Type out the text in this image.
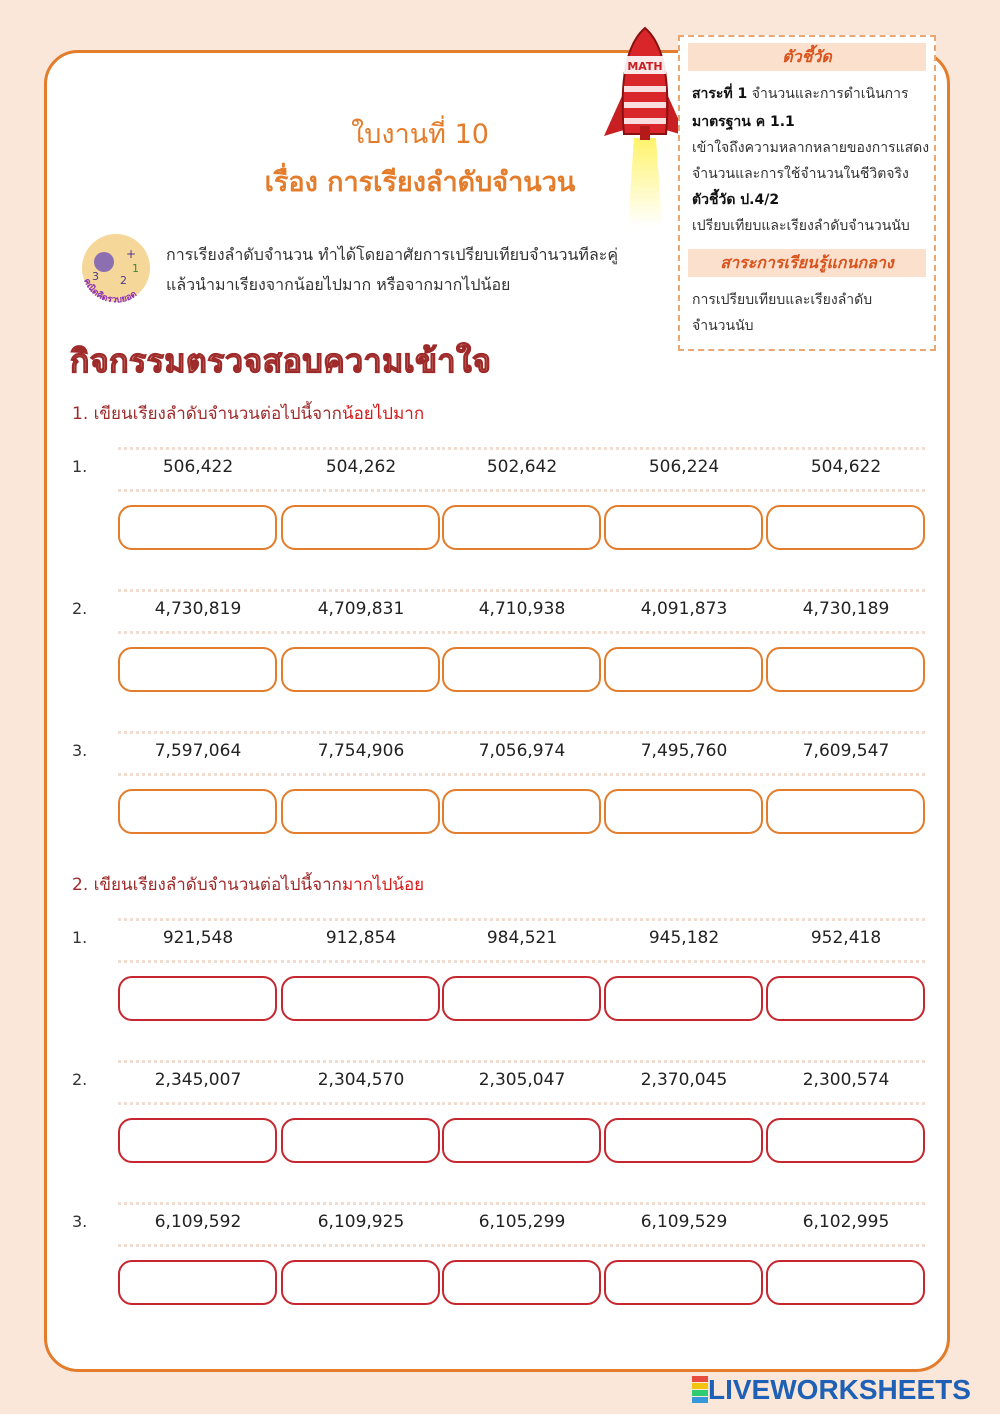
MATH
ตัวชี้วัด
สาระที่ 1 จำนวนและการดำเนินการ
มาตรฐาน ค 1.1
เข้าใจถึงความหลากหลายของการแสดง
จำนวนและการใช้จำนวนในชีวิตจริง
ตัวชี้วัด ป.4/2
เปรียบเทียบและเรียงลำดับจำนวนนับ
สาระการเรียนรู้แกนกลาง
การเปรียบเทียบและเรียงลำดับ
จำนวนนับ
ใบงานที่ 10
เรื่อง การเรียงลำดับจำนวน
+
1
3 2
คณิตคิดรวบยอด
การเรียงลำดับจำนวน ทำได้โดยอาศัยการเปรียบเทียบจำนวนทีละคู่
แล้วนำมาเรียงจากน้อยไปมาก หรือจากมากไปน้อย
กิจกรรมตรวจสอบความเข้าใจ
1. เขียนเรียงลำดับจำนวนต่อไปนี้จากน้อยไปมาก
1.	506,422	504,262	502,642	506,224	504,622
2.	4,730,819	4,709,831	4,710,938	4,091,873	4,730,189
3.	7,597,064	7,754,906	7,056,974	7,495,760	7,609,547
2. เขียนเรียงลำดับจำนวนต่อไปนี้จากมากไปน้อย
1.	921,548	912,854	984,521	945,182	952,418
2.	2,345,007	2,304,570	2,305,047	2,370,045	2,300,574
3.	6,109,592	6,109,925	6,105,299	6,109,529	6,102,995
LIVEWORKSHEETS
